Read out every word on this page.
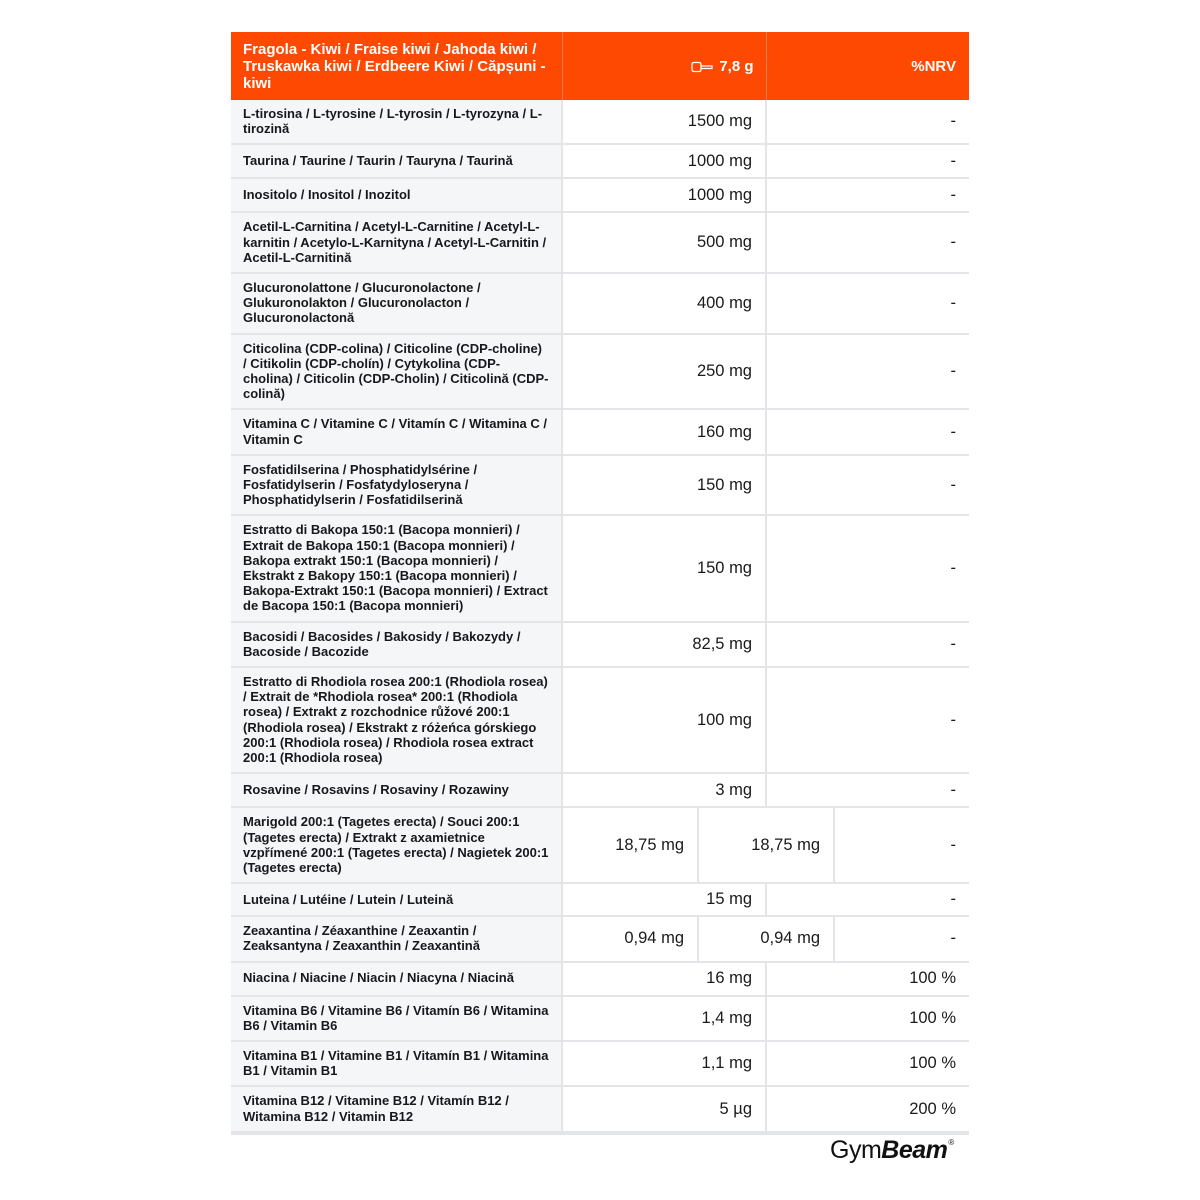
Fragola - Kiwi / Fraise kiwi / Jahoda kiwi / Truskawka kiwi / Erdbeere Kiwi / Căpșuni - kiwi	7,8 g		%NRV	
L-tirosina / L-tyrosine / L-tyrosin / L-tyrozyna / L-tirozină	1500 mg		-	
Taurina / Taurine / Taurin / Tauryna / Taurină	1000 mg		-	
Inositolo / Inositol / Inozitol	1000 mg		-	
Acetil-L-Carnitina / Acetyl-L-Carnitine / Acetyl-L-karnitin / Acetylo-L-Karnityna / Acetyl-L-Carnitin / Acetil-L-Carnitină	500 mg		-	
Glucuronolattone / Glucuronolactone / Glukuronolakton / Glucuronolacton / Glucuronolactonă	400 mg		-	
Citicolina (CDP-colina) / Citicoline (CDP-choline) / Citikolin (CDP-cholín) / Cytykolina (CDP-cholina) / Citicolin (CDP-Cholin) / Citicolină (CDP-colină)	250 mg		-	
Vitamina C / Vitamine C / Vitamín C / Witamina C / Vitamin C	160 mg		-	
Fosfatidilserina / Phosphatidylsérine / Fosfatidylserin / Fosfatydyloseryna / Phosphatidylserin / Fosfatidilserină	150 mg		-	
Estratto di Bakopa 150:1 (Bacopa monnieri) / Extrait de Bakopa 150:1 (Bacopa monnieri) / Bakopa extrakt 150:1 (Bacopa monnieri) / Ekstrakt z Bakopy 150:1 (Bacopa monnieri) / Bakopa-Extrakt 150:1 (Bacopa monnieri) / Extract de Bacopa 150:1 (Bacopa monnieri)	150 mg		-	
Bacosidi / Bacosides / Bakosidy / Bakozydy / Bacoside / Bacozide	82,5 mg		-	
Estratto di Rhodiola rosea 200:1 (Rhodiola rosea) / Extrait de *Rhodiola rosea* 200:1 (Rhodiola rosea) / Extrakt z rozchodnice růžové 200:1 (Rhodiola rosea) / Ekstrakt z różeńca górskiego 200:1 (Rhodiola rosea) / Rhodiola rosea extract 200:1 (Rhodiola rosea)	100 mg		-	
Rosavine / Rosavins / Rosaviny / Rozawiny	3 mg		-	
Marigold 200:1 (Tagetes erecta) / Souci 200:1 (Tagetes erecta) / Extrakt z axamietnice vzpřímené 200:1 (Tagetes erecta) / Nagietek 200:1 (Tagetes erecta)	18,75 mg	18,75 mg		-
Luteina / Lutéine / Lutein / Luteină	15 mg		-	
Zeaxantina / Zéaxanthine / Zeaxantin / Zeaksantyna / Zeaxanthin / Zeaxantină	0,94 mg	0,94 mg		-
Niacina / Niacine / Niacin / Niacyna / Niacină	16 mg		100 %	
Vitamina B6 / Vitamine B6 / Vitamín B6 / Witamina B6 / Vitamin B6	1,4 mg		100 %	
Vitamina B1 / Vitamine B1 / Vitamín B1 / Witamina B1 / Vitamin B1	1,1 mg		100 %	
Vitamina B12 / Vitamine B12 / Vitamín B12 / Witamina B12 / Vitamin B12	5 µg		200 %	
GymBeam®
